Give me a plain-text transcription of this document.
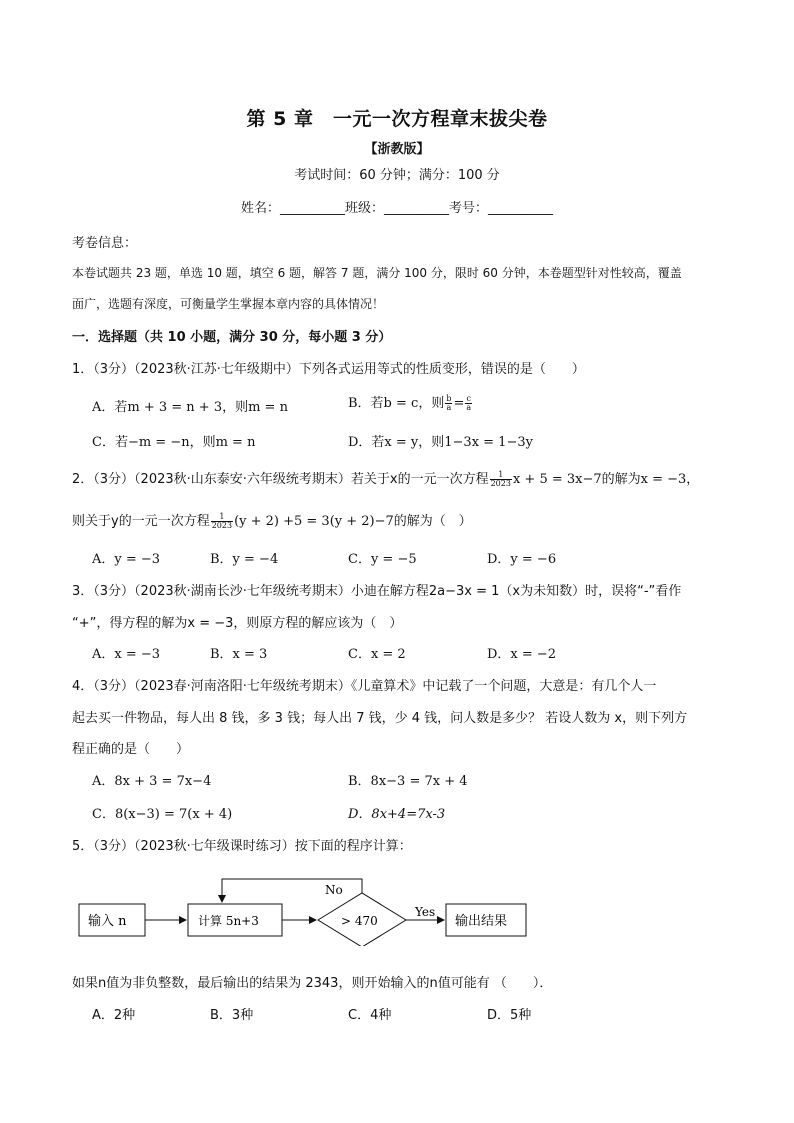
第 5 章　一元一次方程章末拔尖卷
【浙教版】
考试时间：60 分钟；满分：100 分
姓名：__________班级：__________考号：__________
考卷信息：
本卷试题共 23 题，单选 10 题，填空 6 题，解答 7 题，满分 100 分，限时 60 分钟，本卷题型针对性较高，覆盖
面广，选题有深度，可衡量学生掌握本章内容的具体情况！
一．选择题（共 10 小题，满分 30 分，每小题 3 分）
1．（3分）（2023秋·江苏·七年级期中）下列各式运用等式的性质变形，错误的是（　　）
A．若m + 3 = n + 3，则m = n	B．若b = c，则 $\frac{b}{a} = \frac{c}{a}$
C．若−m = −n，则m = n	D．若x = y，则1−3x = 1−3y
2．（3分）（2023秋·山东泰安·六年级统考期末）若关于x的一元一次方程 $\frac{1}{2023}$ x + 5 = 3x−7的解为x = −3，
则关于y的一元一次方程 $\frac{1}{2023} (y + 2) +5 = 3(y + 2)-7$的解为（　）
A．y = −3	B．y = −4	C．y = −5	D．y = −6
3．（3分）（2023秋·湖南长沙·七年级统考期末）小迪在解方程2a−3x = 1（x为未知数）时，误将“-”看作
“+”，得方程的解为x = −3，则原方程的解应该为（　）
A．x = −3	B．x = 3	C．x = 2	D．x = −2
4．（3分）（2023春·河南洛阳·七年级统考期末）《儿童算术》中记载了一个问题，大意是：有几个人一
起去买一件物品，每人出 8 钱，多 3 钱；每人出 7 钱，少 4 钱，问人数是多少？ 若设人数为 x，则下列方
程正确的是（　　）
A．8x + 3 = 7x−4	B．8x−3 = 7x + 4
C．8(x−3) = 7(x + 4)	D．8x+4=7x-3
5．（3分）（2023秋·七年级课时练习）按下面的程序计算：
输入 n	计算 5n+3	> 470
No
Yes
输出结果
如果n值为非负整数，最后输出的结果为 2343，则开始输入的n值可能有 （　　）．
A．2种	B．3种	C．4种	D．5种
